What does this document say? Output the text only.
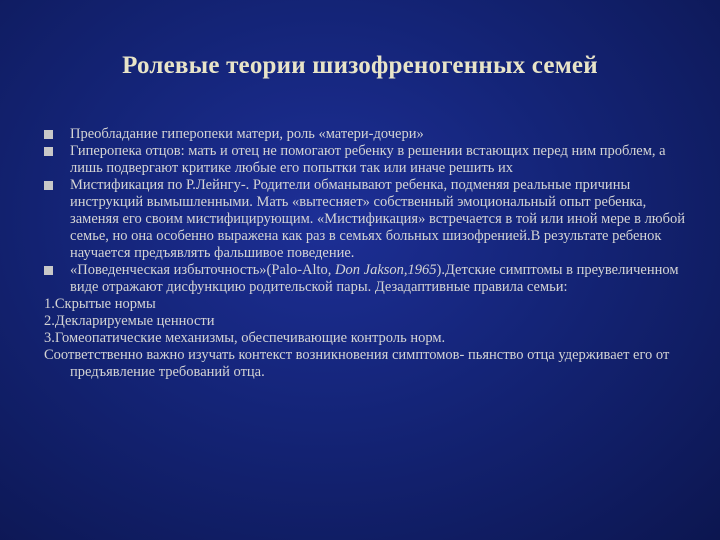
Ролевые теории шизофреногенных семей
Преобладание гиперопеки матери, роль «матери-дочери»
Гиперопека отцов: мать и отец не помогают ребенку в решении встающих перед ним проблем, а лишь подвергают критике любые его попытки так или иначе решить их
Мистификация по Р.Лейнгу-. Родители обманывают ребенка, подменяя реальные причины инструкций вымышленными. Мать «вытесняет» собственный эмоциональный опыт ребенка, заменяя его своим мистифицирующим. «Мистификация» встречается в той или иной мере в любой семье, но она особенно выражена как раз в семьях больных шизофренией.В результате ребенок научается предъявлять фальшивое поведение.
«Поведенческая избыточность»(Palo-Alto, Don Jakson,1965).Детские симптомы в преувеличенном виде отражают дисфункцию родительской пары. Дезадаптивные правила семьи:
1.Скрытые нормы
2.Декларируемые ценности
3.Гомеопатические механизмы, обеспечивающие контроль норм.
Соответственно важно изучать контекст возникновения симптомов- пьянство отца удерживает его от предъявление требований отца.
